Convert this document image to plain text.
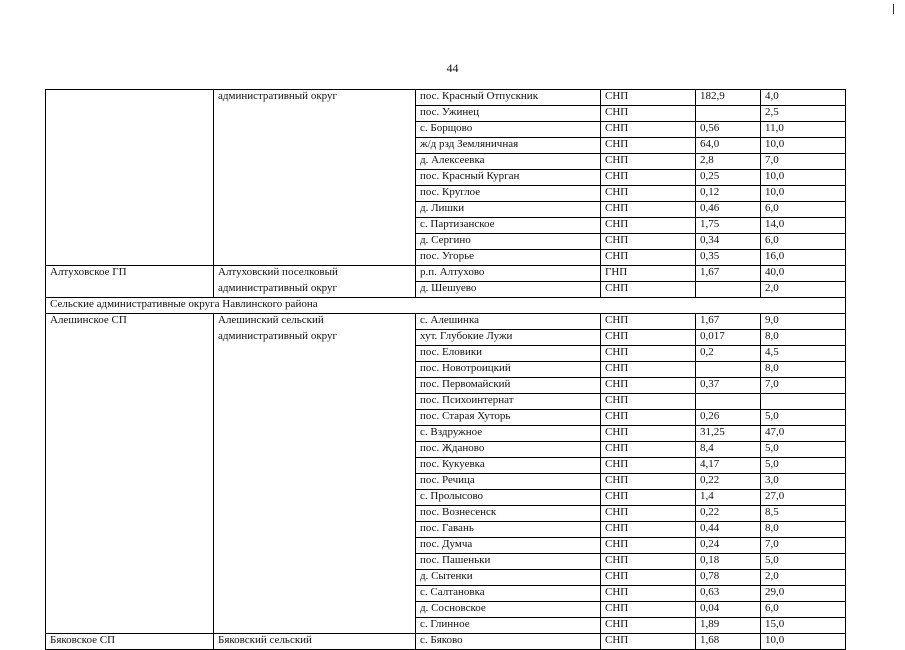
44
	административный округ	пос. Красный Отпускник	СНП	182,9	4,0
		пос. Ужинец	СНП		2,5
		с. Борщово	СНП	0,56	11,0
		ж/д рзд Земляничная	СНП	64,0	10,0
		д. Алексеевка	СНП	2,8	7,0
		пос. Красный Курган	СНП	0,25	10,0
		пос. Круглое	СНП	0,12	10,0
		д. Лишки	СНП	0,46	6,0
		с. Партизанское	СНП	1,75	14,0
		д. Сергино	СНП	0,34	6,0
		пос. Угорье	СНП	0,35	16,0
Алтуховское ГП	Алтуховский поселковый	р.п. Алтухово	ГНП	1,67	40,0
	административный округ	д. Шешуево	СНП		2,0
Сельские административные округа Навлинского района					
Алешинское СП	Алешинский сельский	с. Алешинка	СНП	1,67	9,0
	административный округ	хут. Глубокие Лужи	СНП	0,017	8,0
		пос. Еловики	СНП	0,2	4,5
		пос. Новотроицкий	СНП		8,0
		пос. Первомайский	СНП	0,37	7,0
		пос. Психоинтернат	СНП		
		пос. Старая Хуторь	СНП	0,26	5,0
		с. Вздружное	СНП	31,25	47,0
		пос. Жданово	СНП	8,4	5,0
		пос. Кукуевка	СНП	4,17	5,0
		пос. Речица	СНП	0,22	3,0
		с. Пролысово	СНП	1,4	27,0
		пос. Вознесенск	СНП	0,22	8,5
		пос. Гавань	СНП	0,44	8,0
		пос. Думча	СНП	0,24	7,0
		пос. Пашеньки	СНП	0,18	5,0
		д. Сытенки	СНП	0,78	2,0
		с. Салтановка	СНП	0,63	29,0
		д. Сосновское	СНП	0,04	6,0
		с. Глинное	СНП	1,89	15,0
Бяковское СП	Бяковский сельский	с. Бяково	СНП	1,68	10,0
